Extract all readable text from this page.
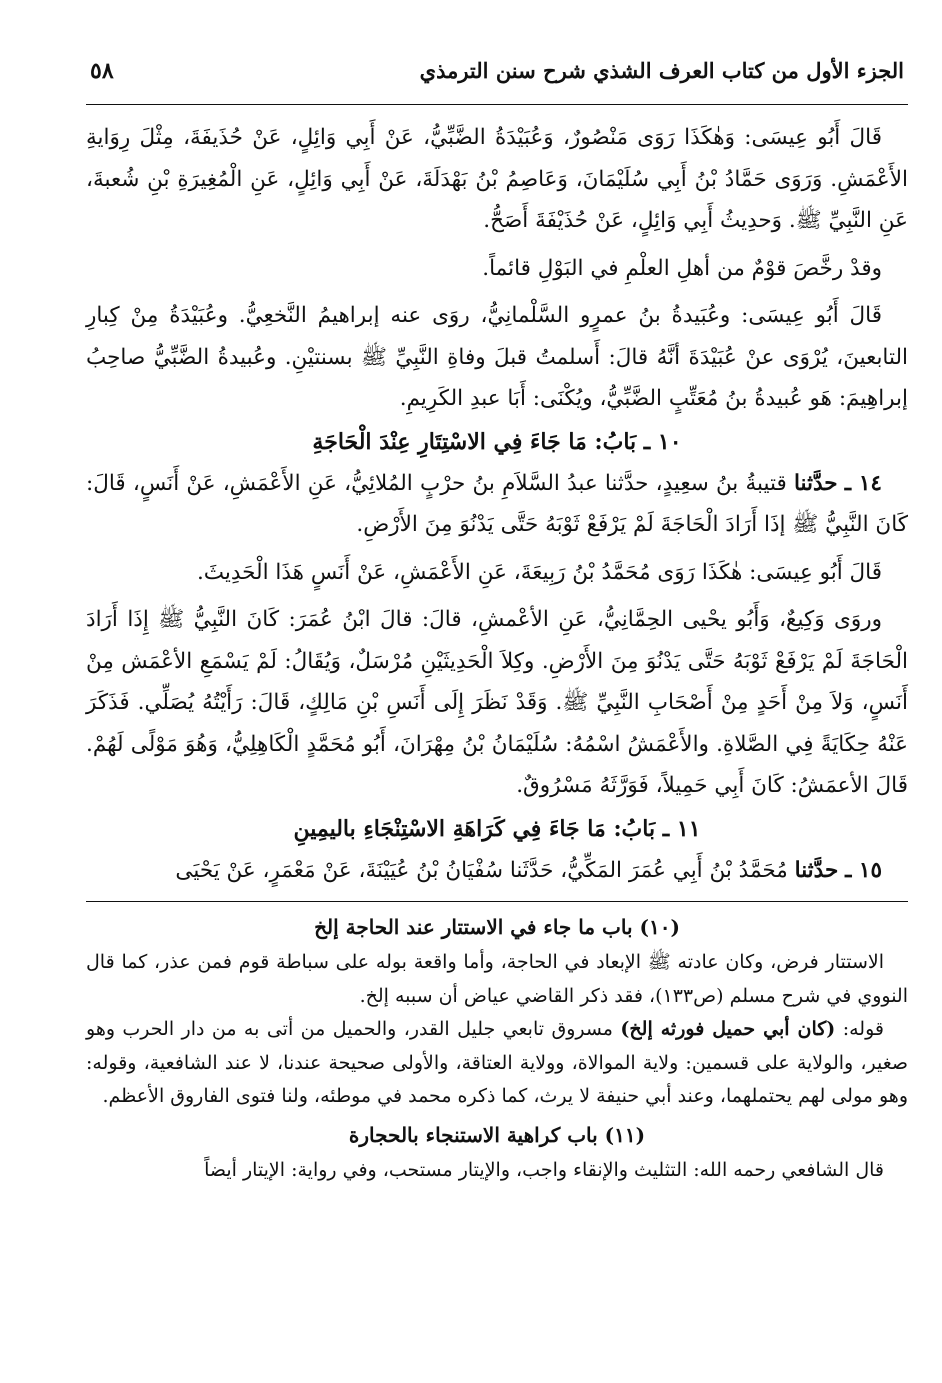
الجزء الأول من كتاب العرف الشذي شرح سنن الترمذي
٥٨

قَالَ أَبُو عِيسَى: وَهٰكَذَا رَوَى مَنْصُورٌ، وَعُبَيْدَةُ الضَّبِّيُّ، عَنْ أَبِي وَائِلٍ، عَنْ حُذَيفَةَ، مِثْلَ رِوَايةِ الأَعْمَشِ. وَرَوَى حَمَّادُ بْنُ أَبِي سُلَيْمَانَ، وَعَاصِمُ بْنُ بَهْدَلَةَ، عَنْ أَبِي وَائِلٍ، عَنِ الْمُغِيرَةِ بْنِ شُعبةَ، عَنِ النَّبِيِّ ﷺ. وَحدِيثُ أَبِي وَائِلٍ، عَنْ حُذَيْفَةَ أَصَحُّ.

وقدْ رخَّصَ قوْمٌ من أهلِ العلْمِ في البَوْلِ قائماً.

قَالَ أَبُو عِيسَى: وعُبَيدةُ بنُ عمرٍو السَّلْمانِيُّ، روَى عنه إبراهيمُ النَّخعِيُّ. وعُبَيْدَةُ مِنْ كِبارِ التابعينَ، يُرْوَى عنْ عُبَيْدَةَ أنَّهُ قالَ: أَسلمتُ قبلَ وفاةِ النَّبِيِّ ﷺ بسنتيْنِ. وعُبيدةُ الضَّبِّيُّ صاحِبُ إبراهِيمَ: هَو عُبيدةُ بنُ مُعَتِّبٍ الضَّبِّيُّ، ويُكْنَى: أَبَا عبدِ الكَرِيمِ.

١٠ ـ بَابُ: مَا جَاءَ فِي الاسْتِتَارِ عِنْدَ الْحَاجَةِ

١٤ ـ حدَّثنا قتيبةُ بنُ سعِيدٍ، حدَّثنا عبدُ السَّلاَمِ بنُ حرْبٍ المُلائِيُّ، عَنِ الأَعْمَشِ، عَنْ أَنَسٍ، قَالَ: كَانَ النَّبِيُّ ﷺ إذَا أَرَادَ الْحَاجَةَ لَمْ يَرْفَعْ ثَوْبَهُ حَتَّى يَدْنُوَ مِنَ الأَرْضِ.

قَالَ أَبُو عِيسَى: هٰكَذَا رَوَى مُحَمَّدُ بْنُ رَبِيعَةَ، عَنِ الأَعْمَشِ، عَنْ أَنَسٍ هَذَا الْحَدِيثَ.

وروَى وَكِيعٌ، وَأَبُو يحْيى الحِمَّانِيُّ، عَنِ الأعْمشِ، قالَ: قالَ ابْنُ عُمَرَ: كَانَ النَّبِيُّ ﷺ إِذَا أَرَادَ الْحَاجَةَ لَمْ يَرْفَعْ ثَوْبَهُ حَتَّى يَدْنُوَ مِنَ الأَرْضِ. وكِلاَ الْحَدِيثَيْنِ مُرْسَلٌ، وَيُقَالُ: لَمْ يَسْمَعِ الأعْمَش مِنْ أَنَسٍ، وَلاَ مِنْ أَحَدٍ مِنْ أَصْحَابِ النَّبِيِّ ﷺ. وَقَدْ نَظَرَ إِلَى أَنَسِ بْنِ مَالِكٍ، قَالَ: رَأَيْتُهُ يُصَلِّي. فَذَكَرَ عَنْهُ حِكَايَةً فِي الصَّلاةِ. والأَعْمَشُ اسْمُهُ: سُلَيْمَانُ بْنُ مِهْرَانَ، أَبُو مُحَمَّدٍ الْكَاهِلِيُّ، وَهُوَ مَوْلًى لَهُمْ. قَالَ الأعمَشُ: كَانَ أَبِي حَمِيلاً، فَوَرَّثَهُ مَسْرُوقٌ.

١١ ـ بَابُ: مَا جَاءَ فِي كَرَاهَةِ الاسْتِنْجَاءِ باليمِينِ

١٥ ـ حدَّثنا مُحَمَّدُ بْنُ أَبِي عُمَرَ المَكِّيُّ، حَدَّثَنا سُفْيَانُ بْنُ عُيَيْنَةَ، عَنْ مَعْمَرٍ، عَنْ يَحْيَى

(١٠) باب ما جاء في الاستتار عند الحاجة إلخ

الاستتار فرض، وكان عادته ﷺ الإبعاد في الحاجة، وأما واقعة بوله على سباطة قوم فمن عذر، كما قال النووي في شرح مسلم (ص١٣٣)، فقد ذكر القاضي عياض أن سببه إلخ.

قوله: (كان أبي حميل فورثه إلخ) مسروق تابعي جليل القدر، والحميل من أتى به من دار الحرب وهو صغير، والولاية على قسمين: ولاية الموالاة، وولاية العتاقة، والأولى صحيحة عندنا، لا عند الشافعية، وقوله: وهو مولى لهم يحتملهما، وعند أبي حنيفة لا يرث، كما ذكره محمد في موطئه، ولنا فتوى الفاروق الأعظم.

(١١) باب كراهية الاستنجاء بالحجارة

قال الشافعي رحمه الله: التثليث والإنقاء واجب، والإيتار مستحب، وفي رواية: الإيتار أيضاً
